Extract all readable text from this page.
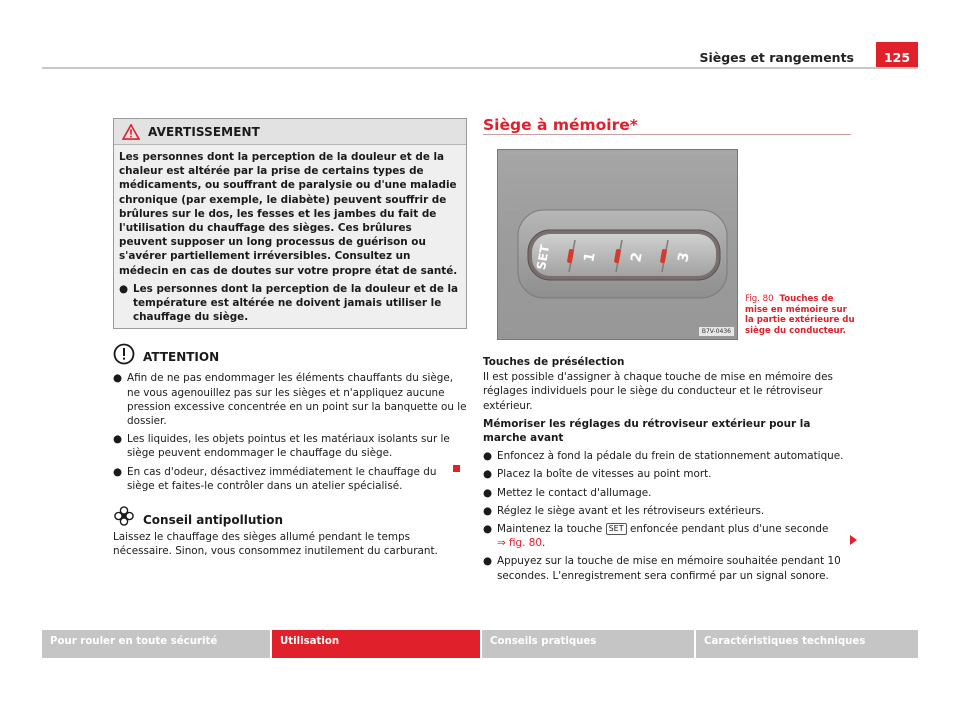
Sièges et rangements	125
AVERTISSEMENT

Les personnes dont la perception de la douleur et de la chaleur est altérée par la prise de certains types de médicaments, ou souffrant de paralysie ou d'une maladie chronique (par exemple, le diabète) peuvent souffrir de brûlures sur le dos, les fesses et les jambes du fait de l'utilisation du chauffage des sièges. Ces brûlures peuvent supposer un long processus de guérison ou s'avérer partiellement irréversibles. Consultez un médecin en cas de doutes sur votre propre état de santé.

● Les personnes dont la perception de la douleur et de la température est altérée ne doivent jamais utiliser le chauffage du siège.
ATTENTION
● Afin de ne pas endommager les éléments chauffants du siège, ne vous agenouillez pas sur les sièges et n'appliquez aucune pression excessive concentrée en un point sur la banquette ou le dossier.
● Les liquides, les objets pointus et les matériaux isolants sur le siège peuvent endommager le chauffage du siège.
● En cas d'odeur, désactivez immédiatement le chauffage du siège et faites-le contrôler dans un atelier spécialisé.
Conseil antipollution
Laissez le chauffage des sièges allumé pendant le temps nécessaire. Sinon, vous consommez inutilement du carburant.
Siège à mémoire*
SET 1 2 3
B7V-0436
Fig. 80 Touches de mise en mémoire sur la partie extérieure du siège du conducteur.

Touches de présélection

Il est possible d'assigner à chaque touche de mise en mémoire des réglages individuels pour le siège du conducteur et le rétroviseur extérieur.

Mémoriser les réglages du rétroviseur extérieur pour la marche avant

● Enfoncez à fond la pédale du frein de stationnement automatique.
● Placez la boîte de vitesses au point mort.
● Mettez le contact d'allumage.
● Réglez le siège avant et les rétroviseurs extérieurs.
● Maintenez la touche SET enfoncée pendant plus d'une seconde
⇒ fig. 80.
● Appuyez sur la touche de mise en mémoire souhaitée pendant 10 secondes. L'enregistrement sera confirmé par un signal sonore.
Pour rouler en toute sécurité	Utilisation	Conseils pratiques	Caractéristiques techniques
